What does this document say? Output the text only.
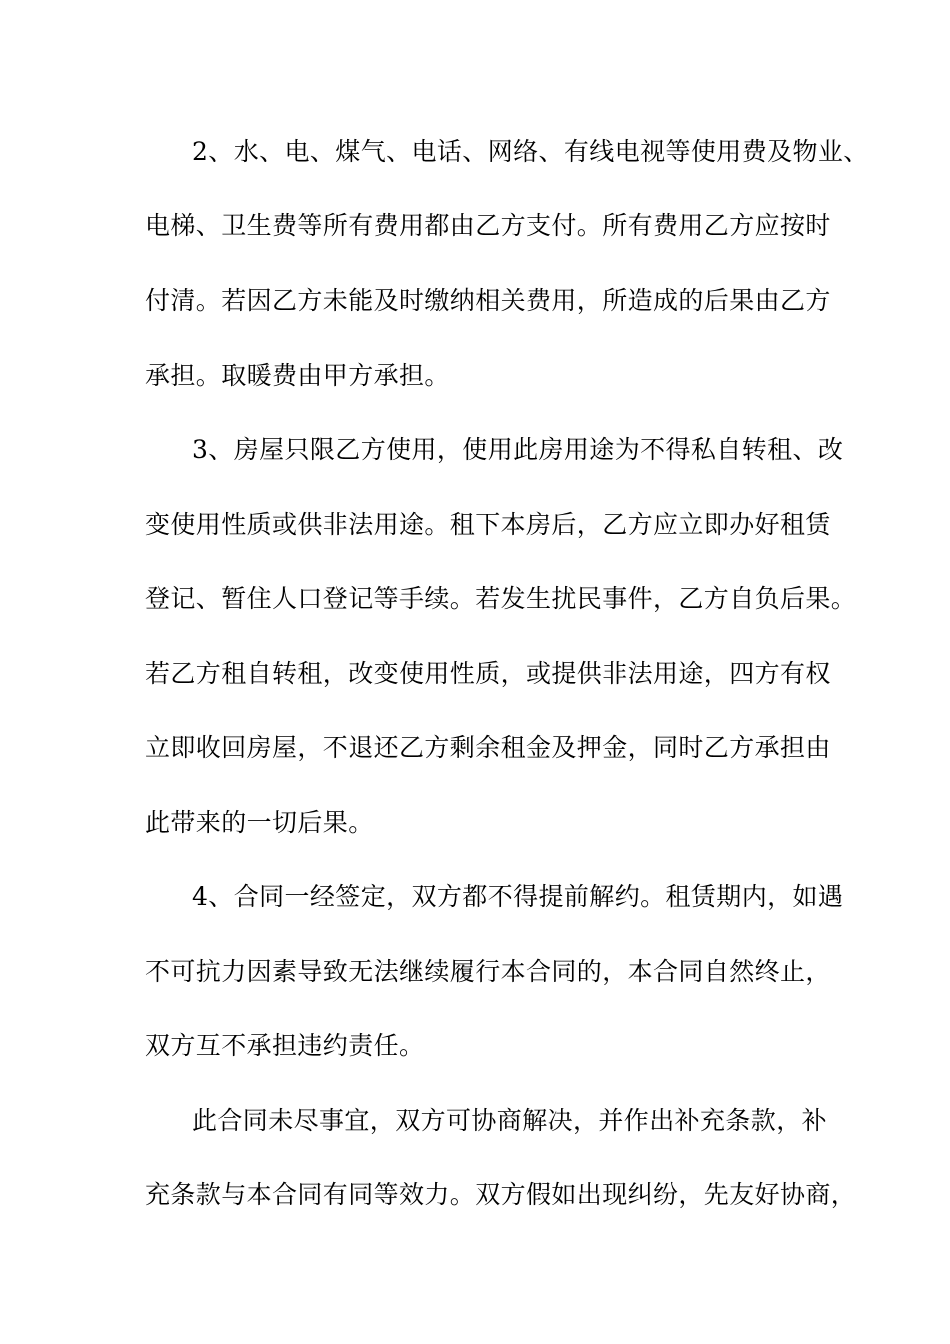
2、水、电、煤气、电话、网络、有线电视等使用费及物业、
电梯、卫生费等所有费用都由乙方支付。所有费用乙方应按时
付清。若因乙方未能及时缴纳相关费用，所造成的后果由乙方
承担。取暖费由甲方承担。
3、房屋只限乙方使用，使用此房用途为不得私自转租、改
变使用性质或供非法用途。租下本房后，乙方应立即办好租赁
登记、暂住人口登记等手续。若发生扰民事件，乙方自负后果。
若乙方租自转租，改变使用性质，或提供非法用途，四方有权
立即收回房屋，不退还乙方剩余租金及押金，同时乙方承担由
此带来的一切后果。
4、合同一经签定，双方都不得提前解约。租赁期内，如遇
不可抗力因素导致无法继续履行本合同的，本合同自然终止，
双方互不承担违约责任。
此合同未尽事宜，双方可协商解决，并作出补充条款，补
充条款与本合同有同等效力。双方假如出现纠纷，先友好协商，
